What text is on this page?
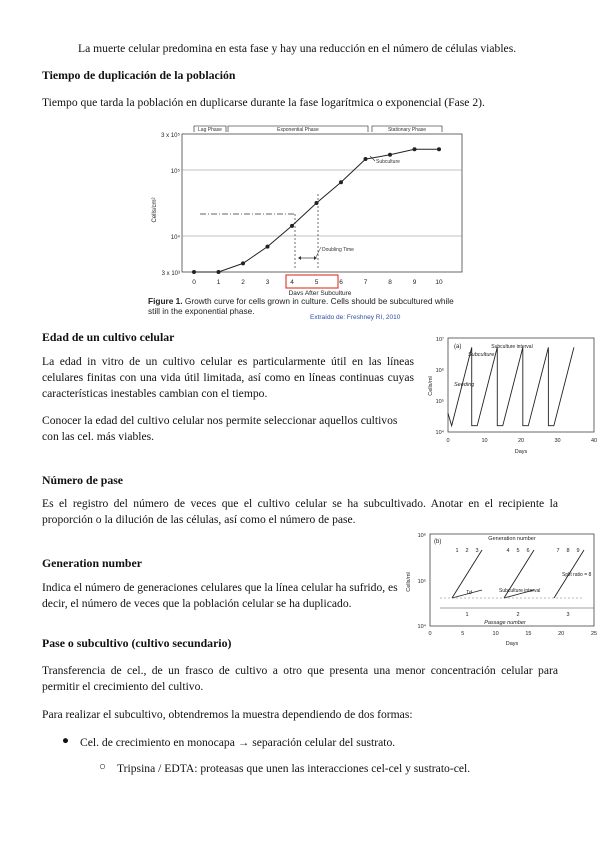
La muerte celular predomina en esta fase y hay una reducción en el número de células viables.
Tiempo de duplicación de la población
Tiempo que tarda la población en duplicarse durante la fase logarítmica o exponencial (Fase 2).
Lag Phase	Exponential Phase	Stationary Phase
3 x 10⁵
10⁵
10⁴
3 x 10³
Cells/cm²
Doubling Time
Subculture
0	1	2	3	4	5	6	7	8	9	10
Days After Subculture
Figure 1. Growth curve for cells grown in culture. Cells should be subcultured while still in the exponential phase.
Extraído de: Freshney RI, 2010
Edad de un cultivo celular
La edad in vitro de un cultivo celular es particularmente útil en las líneas celulares finitas con una vida útil limitada, así como en líneas continuas cuyas características inestables cambian con el tiempo.
Conocer la edad del cultivo celular nos permite seleccionar aquellos cultivos con las cel. más viables.
(a)
10⁷
10⁶
10⁵
10⁴
Cells/ml
Subculture
Subculture interval
Seeding
0	10	20	30	40
Days
Número de pase
Es el registro del número de veces que el cultivo celular se ha subcultivado. Anotar en el recipiente la proporción o la dilución de las células, así como el número de pase.
(b)
10⁶
10⁵
10⁴
Cells/ml
Generation number
1 2 3	4 5 6	7 8 9
Td	Subculture interval
Split ratio = 8
1	2	3
Passage number
0	5	10	15	20	25
Days
Generation number
Indica el número de generaciones celulares que la línea celular ha sufrido, es decir, el número de veces que la población celular se ha duplicado.
Pase o subcultivo (cultivo secundario)
Transferencia de cel., de un frasco de cultivo a otro que presenta una menor concentración celular para permitir el crecimiento del cultivo.
Para realizar el subcultivo, obtendremos la muestra dependiendo de dos formas:
● Cel. de crecimiento en monocapa → separación celular del sustrato.
○ Tripsina / EDTA: proteasas que unen las interacciones cel-cel y sustrato-cel.
